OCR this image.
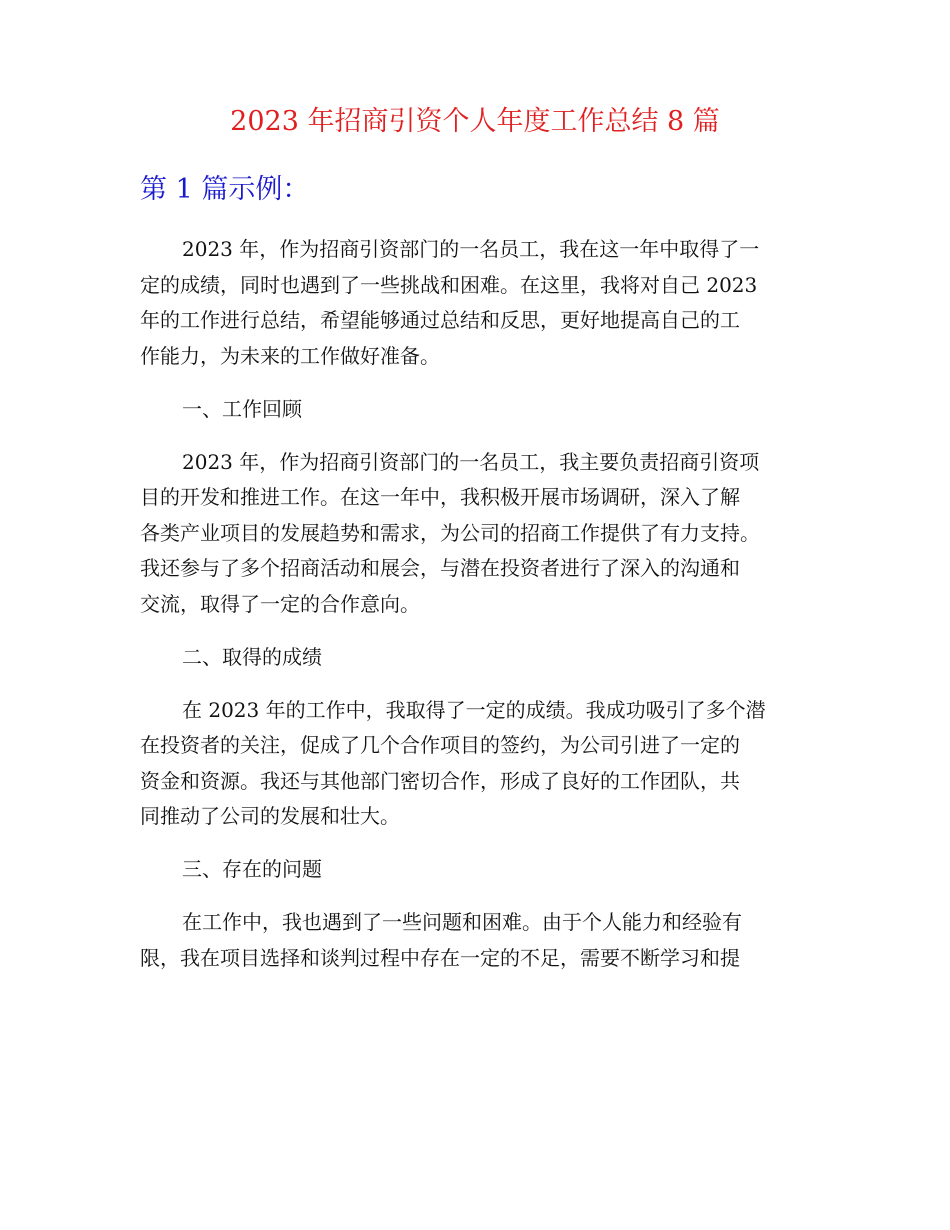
2023 年招商引资个人年度工作总结 8 篇
第 1 篇示例：
2023 年，作为招商引资部门的一名员工，我在这一年中取得了一
定的成绩，同时也遇到了一些挑战和困难。在这里，我将对自己 2023
年的工作进行总结，希望能够通过总结和反思，更好地提高自己的工
作能力，为未来的工作做好准备。
一、工作回顾
2023 年，作为招商引资部门的一名员工，我主要负责招商引资项
目的开发和推进工作。在这一年中，我积极开展市场调研，深入了解
各类产业项目的发展趋势和需求，为公司的招商工作提供了有力支持。
我还参与了多个招商活动和展会，与潜在投资者进行了深入的沟通和
交流，取得了一定的合作意向。
二、取得的成绩
在 2023 年的工作中，我取得了一定的成绩。我成功吸引了多个潜
在投资者的关注，促成了几个合作项目的签约，为公司引进了一定的
资金和资源。我还与其他部门密切合作，形成了良好的工作团队，共
同推动了公司的发展和壮大。
三、存在的问题
在工作中，我也遇到了一些问题和困难。由于个人能力和经验有
限，我在项目选择和谈判过程中存在一定的不足，需要不断学习和提
